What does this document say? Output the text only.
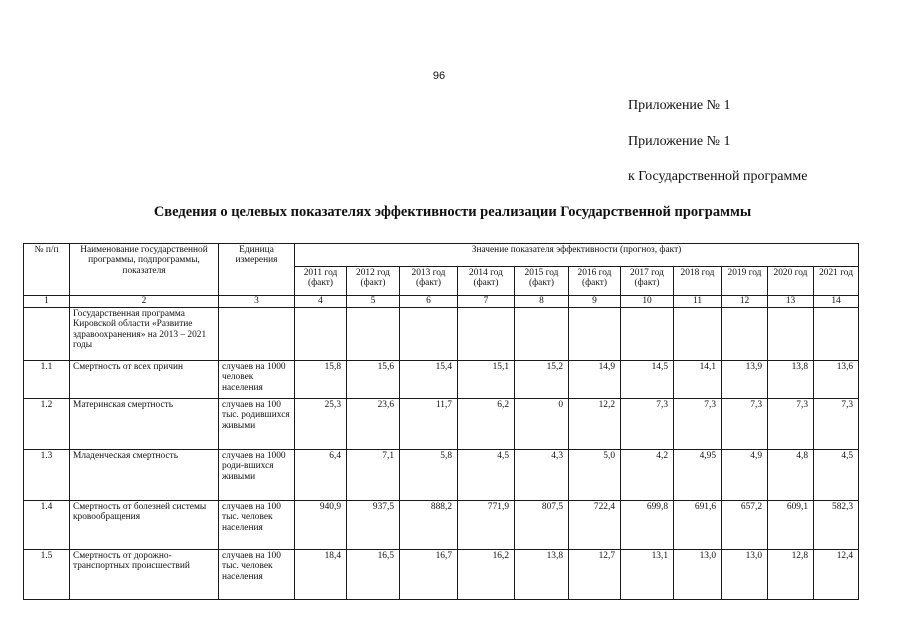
96
Приложение № 1
Приложение № 1
к Государственной программе
Сведения о целевых показателях эффективности реализации Государственной программы
№ п/п	Наименование государственной программы, подпрограммы, показателя	Единица измерения	Значение показателя эффективности (прогноз, факт)										
			2011 год (факт)	2012 год (факт)	2013 год (факт)	2014 год (факт)	2015 год (факт)	2016 год (факт)	2017 год (факт)	2018 год	2019 год	2020 год	2021 год
1	2	3	4	5	6	7	8	9	10	11	12	13	14
	Государственная программа Кировской области «Развитие здравоохранения» на 2013 – 2021 годы												
1.1	Смертность от всех причин	случаев на 1000 человек населения	15,8	15,6	15,4	15,1	15,2	14,9	14,5	14,1	13,9	13,8	13,6
1.2	Материнская смертность	случаев на 100 тыс. родившихся живыми	25,3	23,6	11,7	6,2	0	12,2	7,3	7,3	7,3	7,3	7,3
1.3	Младенческая смертность	случаев на 1000 роди-вшихся живыми	6,4	7,1	5,8	4,5	4,3	5,0	4,2	4,95	4,9	4,8	4,5
1.4	Смертность от болезней системы кровообращения	случаев на 100 тыс. человек населения	940,9	937,5	888,2	771,9	807,5	722,4	699,8	691,6	657,2	609,1	582,3
1.5	Смертность от дорожно-транспортных происшествий	случаев на 100 тыс. человек населения	18,4	16,5	16,7	16,2	13,8	12,7	13,1	13,0	13,0	12,8	12,4
